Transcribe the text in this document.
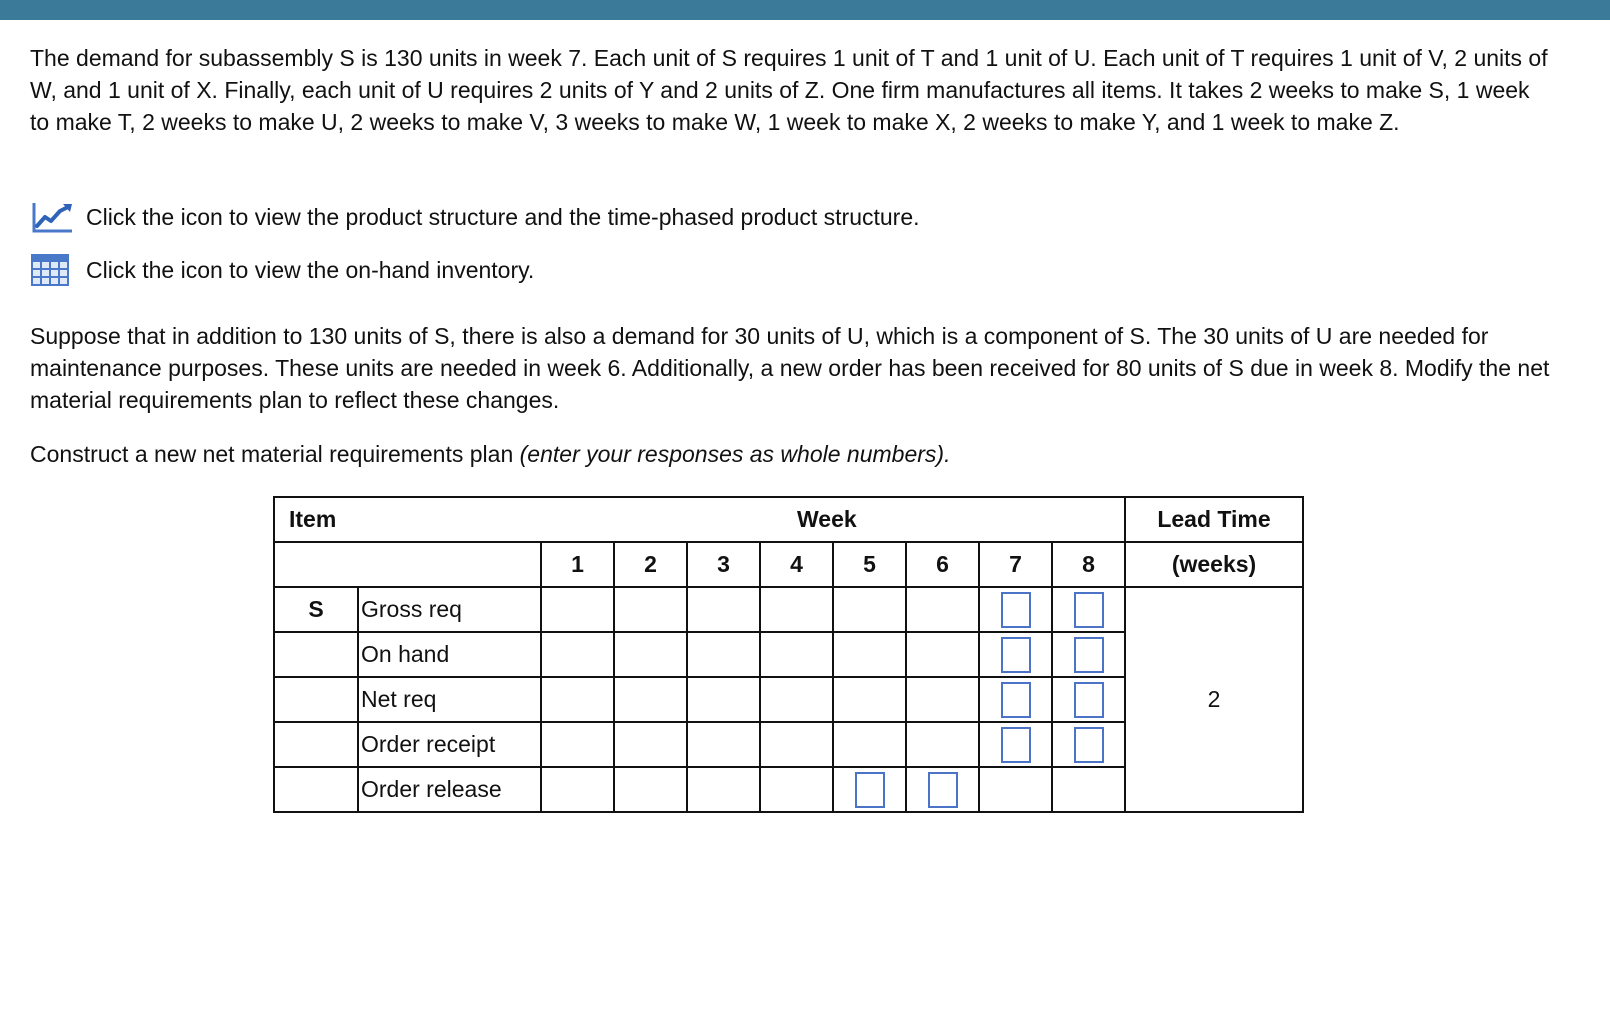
The demand for subassembly S is 130 units in week 7. Each unit of S requires 1 unit of T and 1 unit of U. Each unit of T requires 1 unit of V, 2 units of W, and 1 unit of X. Finally, each unit of U requires 2 units of Y and 2 units of Z. One firm manufactures all items. It takes 2 weeks to make S, 1 week to make T, 2 weeks to make U, 2 weeks to make V, 3 weeks to make W, 1 week to make X, 2 weeks to make Y, and 1 week to make Z.

Click the icon to view the product structure and the time-phased product structure.
Click the icon to view the on-hand inventory.

Suppose that in addition to 130 units of S, there is also a demand for 30 units of U, which is a component of S. The 30 units of U are needed for maintenance purposes. These units are needed in week 6. Additionally, a new order has been received for 80 units of S due in week 8. Modify the net material requirements plan to reflect these changes.

Construct a new net material requirements plan (enter your responses as whole numbers).

Item						Week				Lead Time
		1	2	3	4	5	6	7	8	(weeks)
S	Gross req									2
	On hand							

	Net req							

	Order receipt							

	Order release					
